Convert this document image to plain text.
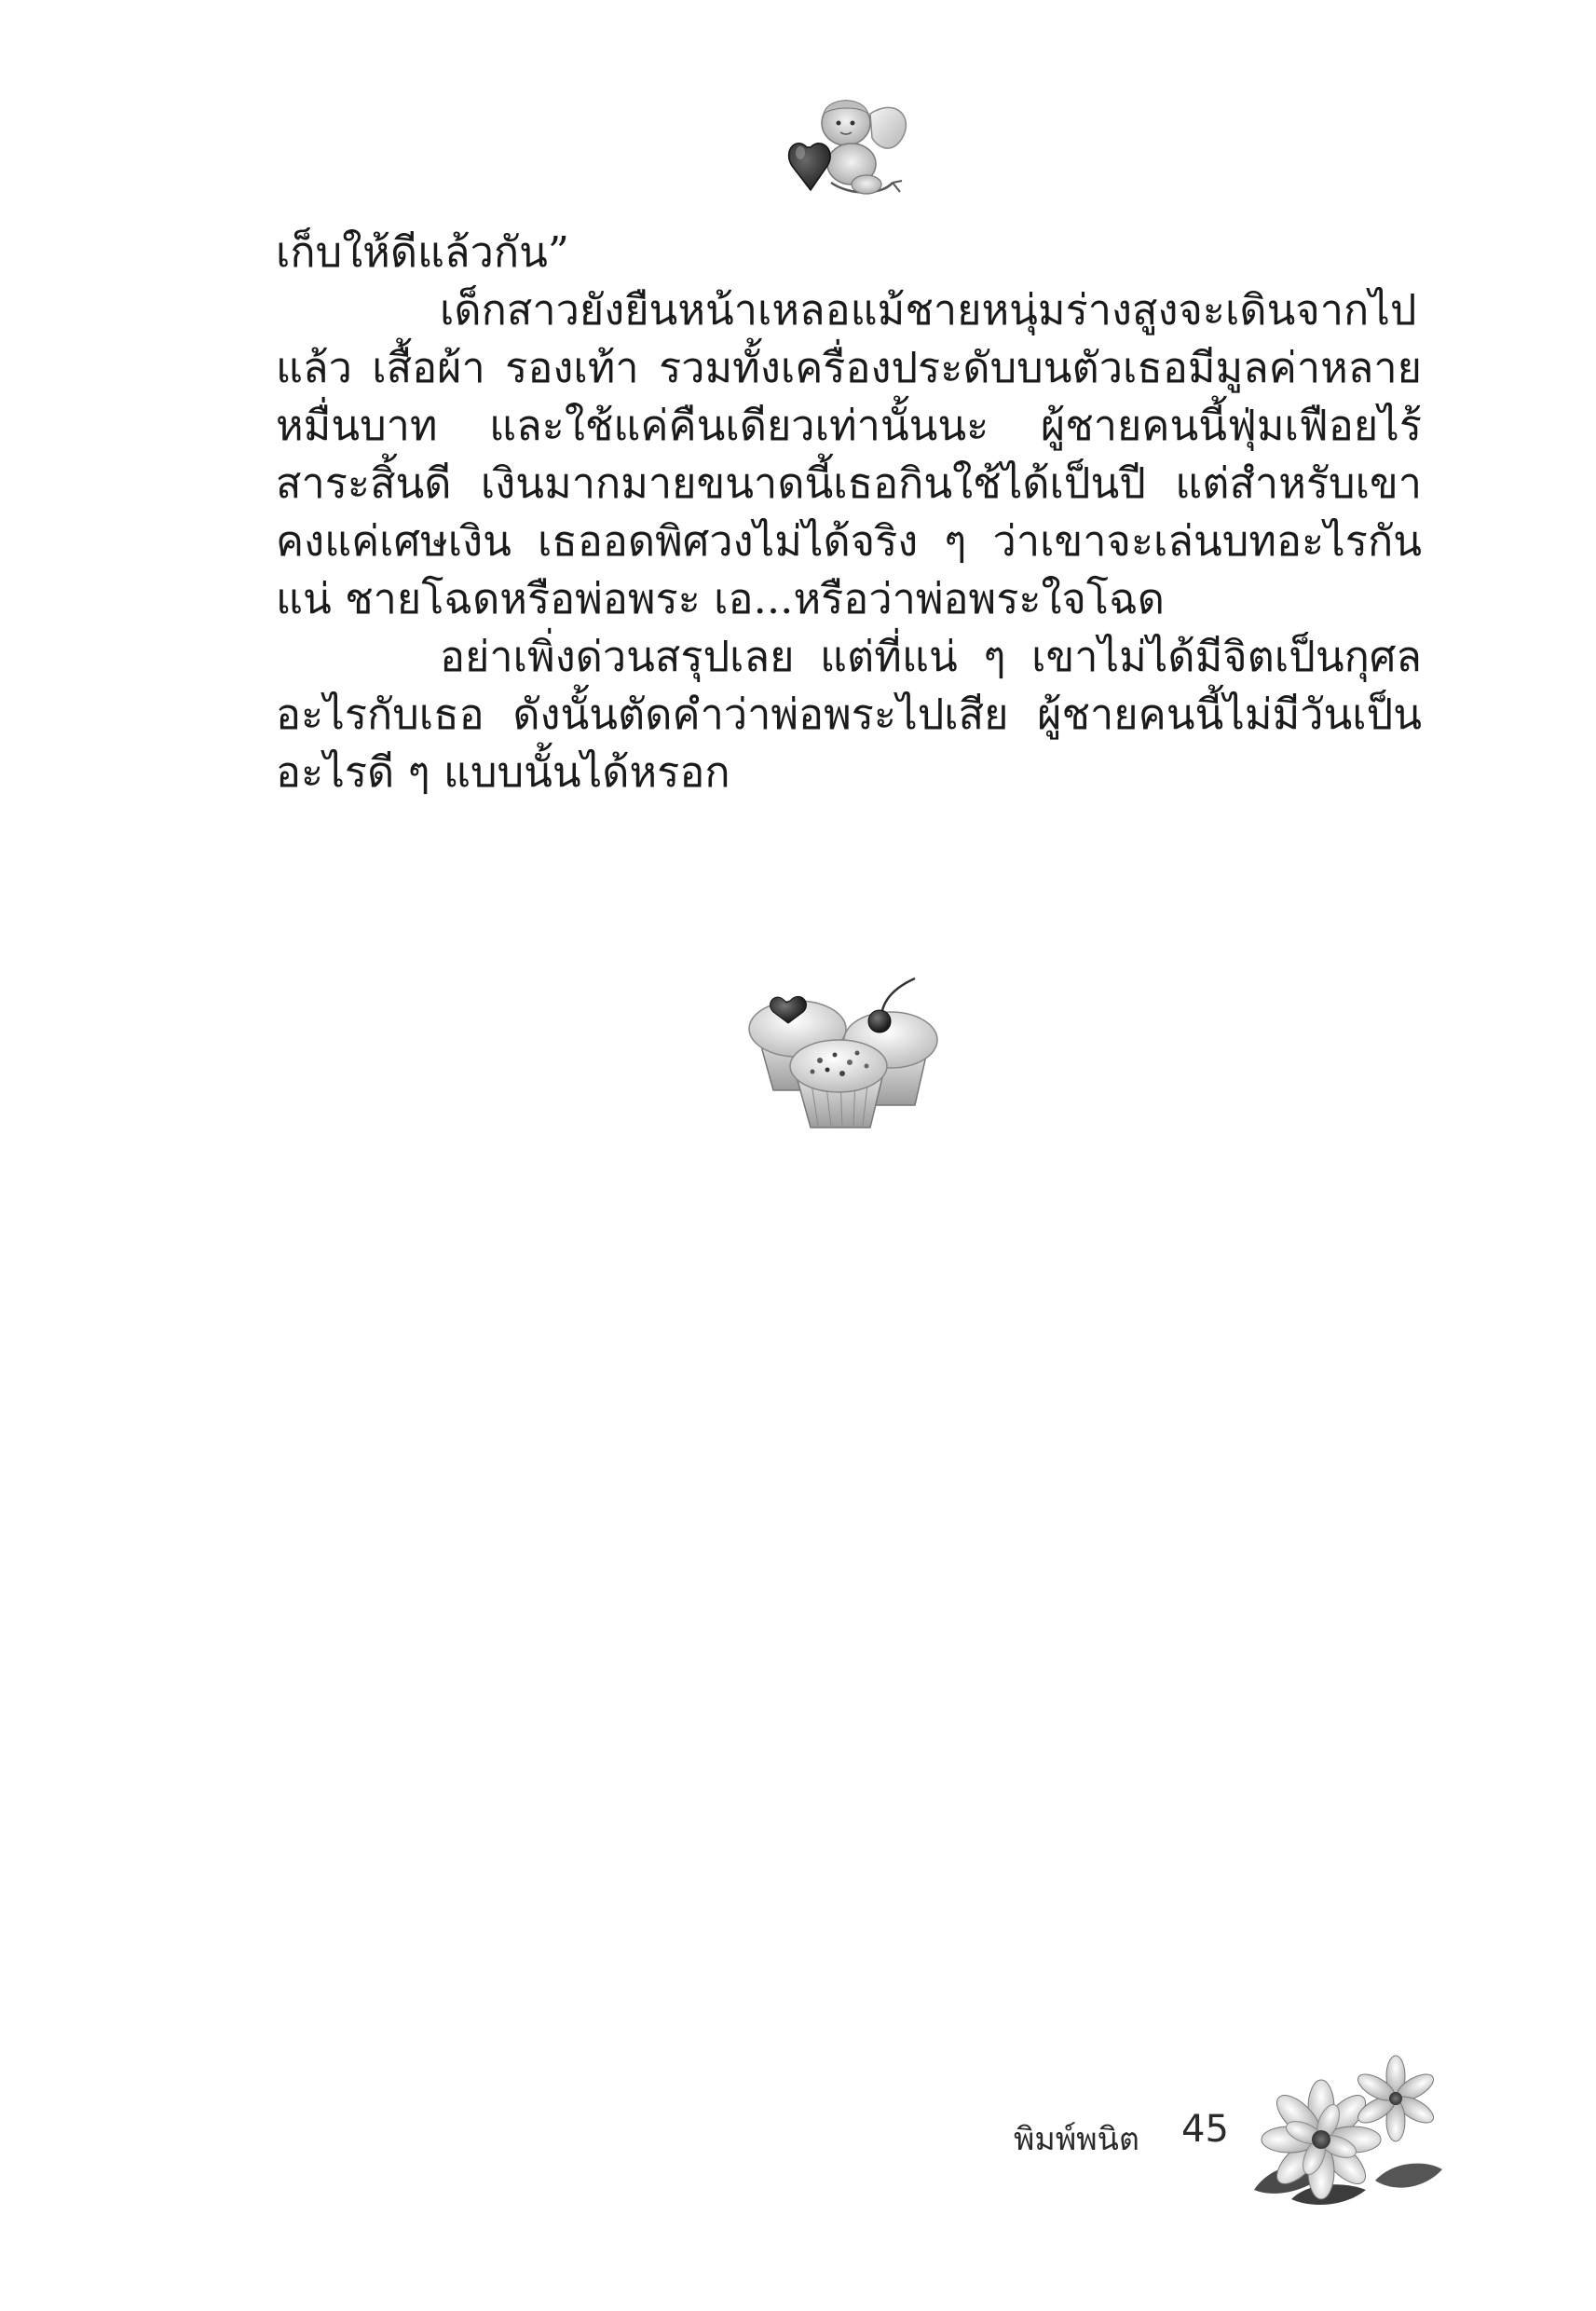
เก็บให้ดีแล้วกัน”

เด็กสาวยังยืนหน้าเหลอแม้ชายหนุ่มร่างสูงจะเดินจากไปแล้ว เสื้อผ้า รองเท้า รวมทั้งเครื่องประดับบนตัวเธอมีมูลค่าหลายหมื่นบาท และใช้แค่คืนเดียวเท่านั้นนะ ผู้ชายคนนี้ฟุ่มเฟือยไร้สาระสิ้นดี เงินมากมายขนาดนี้เธอกินใช้ได้เป็นปี แต่สำหรับเขาคงแค่เศษเงิน เธออดพิศวงไม่ได้จริง ๆ ว่าเขาจะเล่นบทอะไรกันแน่ ชายโฉดหรือพ่อพระ เอ...หรือว่าพ่อพระใจโฉด

อย่าเพิ่งด่วนสรุปเลย แต่ที่แน่ ๆ เขาไม่ได้มีจิตเป็นกุศลอะไรกับเธอ ดังนั้นตัดคำว่าพ่อพระไปเสีย ผู้ชายคนนี้ไม่มีวันเป็นอะไรดี ๆ แบบนั้นได้หรอก

พิมพ์พนิต 45
